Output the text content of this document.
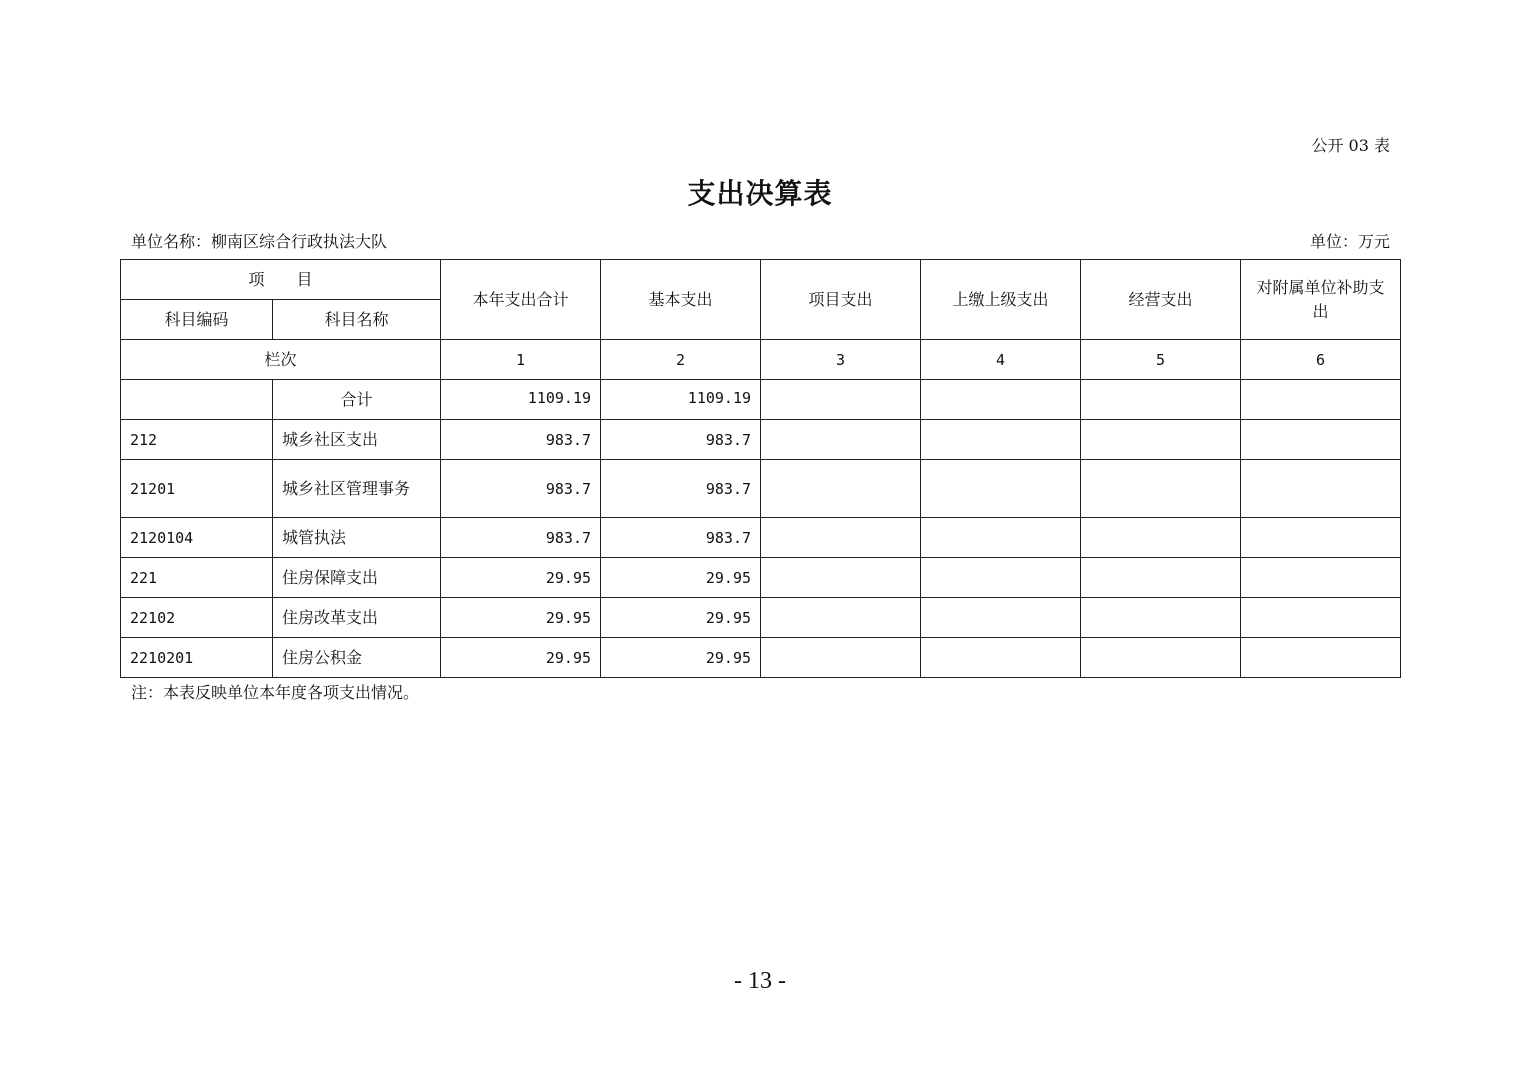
公开 03 表
支出决算表
单位名称：柳南区综合行政执法大队	单位：万元
项　　目		本年支出合计	基本支出	项目支出	上缴上级支出	经营支出	对附属单位补助支出
科目编码	科目名称						
栏次		1	2	3	4	5	6
	合计	1109.19	1109.19				
212	城乡社区支出	983.7	983.7				
21201	城乡社区管理事务	983.7	983.7				
2120104	城管执法	983.7	983.7				
221	住房保障支出	29.95	29.95				
22102	住房改革支出	29.95	29.95				
2210201	住房公积金	29.95	29.95				
注：本表反映单位本年度各项支出情况。
- 13 -
